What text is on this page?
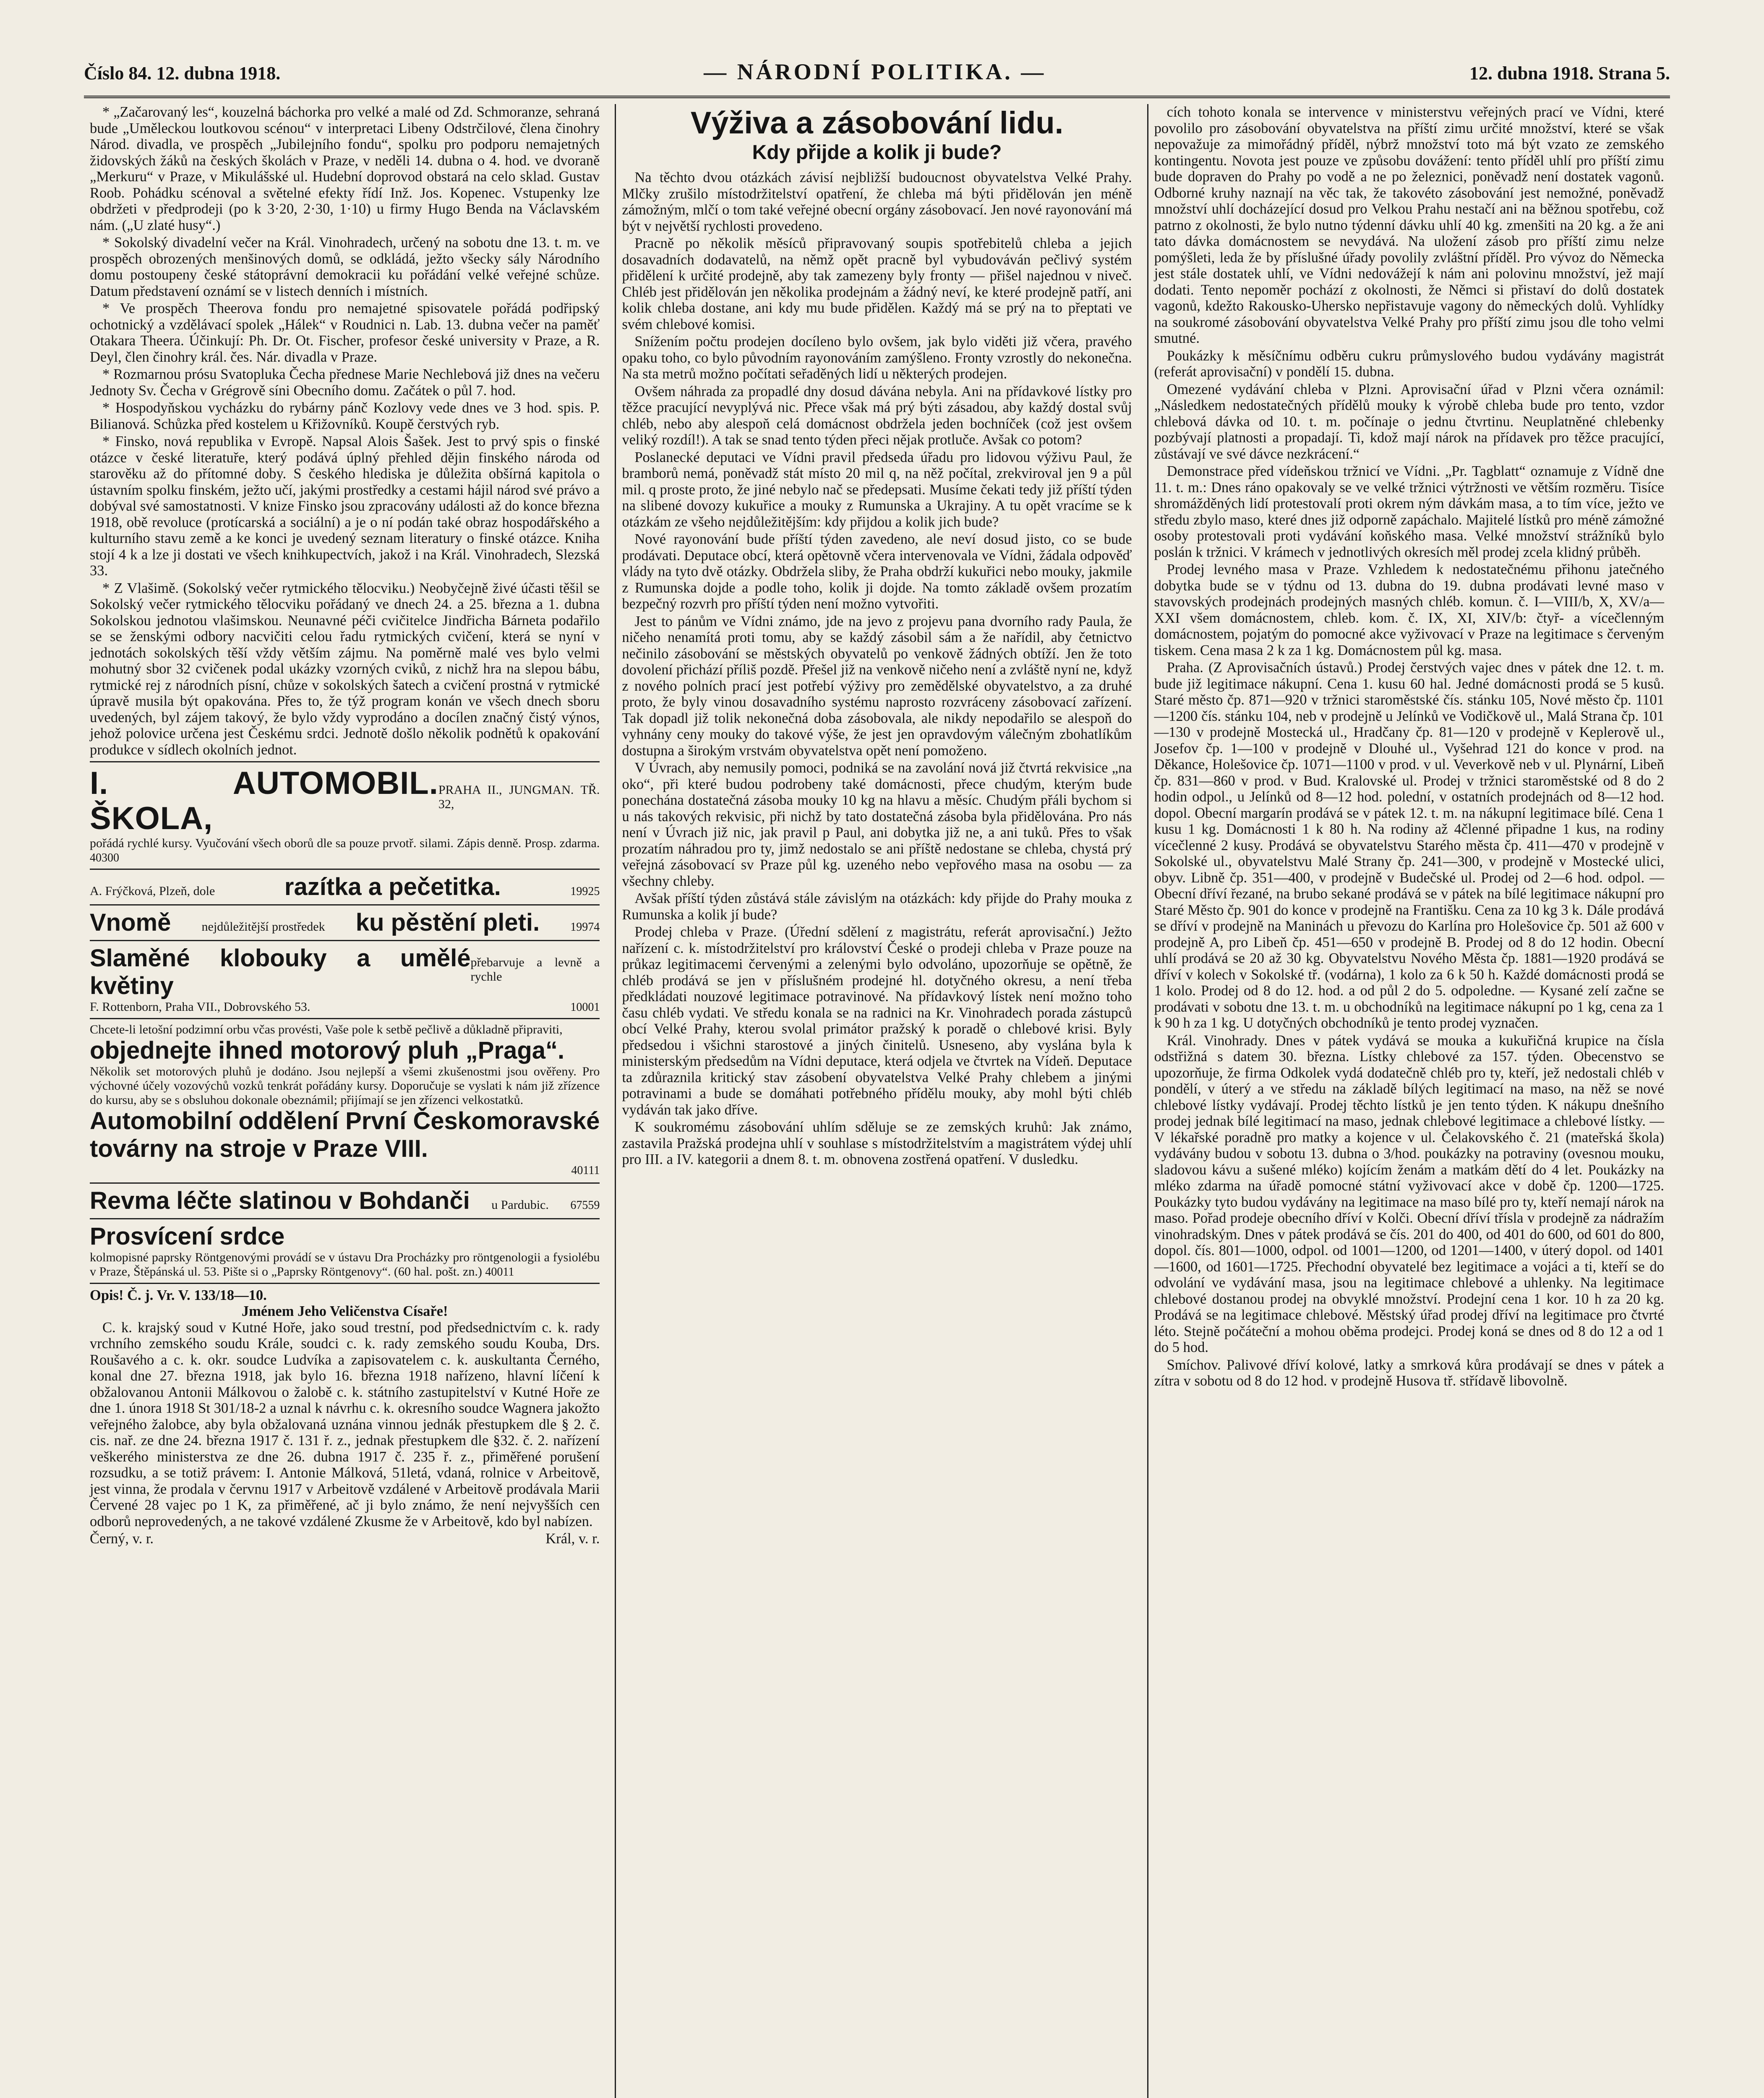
Číslo 84. 12. dubna 1918.	— NÁRODNÍ POLITIKA. —	12. dubna 1918. Strana 5.

* „Začarovaný les“, kouzelná báchorka pro velké a malé od Zd. Schmoranze, sehraná bude „Uměleckou loutkovou scénou“ v interpretaci Libeny Odstrčilové, člena činohry Národ. divadla, ve prospěch „Jubilejního fondu“, spolku pro podporu nemajetných židovských žáků na českých školách v Praze, v neděli 14. dubna o 4. hod. ve dvoraně „Merkuru“ v Praze, v Mikulášské ul. Hudební doprovod obstará na celo sklad. Gustav Roob. Pohádku scénoval a světelné efekty řídí Inž. Jos. Kopenec. Vstupenky lze obdržeti v předprodeji (po k 3·20, 2·30, 1·10) u firmy Hugo Benda na Václavském nám. („U zlaté husy“.)

* Sokolský divadelní večer na Král. Vinohradech, určený na sobotu dne 13. t. m. ve prospěch obrozených menšinových domů, se odkládá, ježto všecky sály Národního domu postoupeny české státoprávní demokracii ku pořádání velké veřejné schůze. Datum představení oznámí se v listech denních i místních.

* Ve prospěch Theerova fondu pro nemajetné spisovatele pořádá podřipský ochotnický a vzdělávací spolek „Hálek“ v Roudnici n. Lab. 13. dubna večer na paměť Otakara Theera. Účinkují: Ph. Dr. Ot. Fischer, profesor české university v Praze, a R. Deyl, člen činohry král. čes. Nár. divadla v Praze.

* Rozmarnou prósu Svatopluka Čecha přednese Marie Nechlebová již dnes na večeru Jednoty Sv. Čecha v Grégrově síni Obecního domu. Začátek o půl 7. hod.

* Hospodyňskou vycházku do rybárny pánč Kozlovy vede dnes ve 3 hod. spis. P. Bilianová. Schůzka před kostelem u Křižovníků. Koupě čerstvých ryb.

* Finsko, nová republika v Evropě. Napsal Alois Šašek. Jest to prvý spis o finské otázce v české literatuře, který podává úplný přehled dějin finského národa od starověku až do přítomné doby. S českého hlediska je důležita obšírná kapitola o ústavním spolku finském, ježto učí, jakými prostředky a cestami hájil národ své právo a dobýval své samostatnosti. V knize Finsko jsou zpracovány události až do konce března 1918, obě revoluce (protícarská a sociální) a je o ní podán také obraz hospodářského a kulturního stavu země a ke konci je uvedený seznam literatury o finské otázce. Kniha stojí 4 k a lze ji dostati ve všech knihkupectvích, jakož i na Král. Vinohradech, Slezská 33.

* Z Vlašimě. (Sokolský večer rytmického tělocviku.) Neobyčejně živé účasti těšil se Sokolský večer rytmického tělocviku pořádaný ve dnech 24. a 25. března a 1. dubna Sokolskou jednotou vlašimskou. Neunavné péči cvičitelce Jindřicha Bárneta podařilo se se ženskými odbory nacvičiti celou řadu rytmických cvičení, která se nyní v jednotách sokolských těší vždy větším zájmu. Na poměrně malé ves bylo velmi mohutný sbor 32 cvičenek podal ukázky vzorných cviků, z nichž hra na slepou bábu, rytmické rej z národních písní, chůze v sokolských šatech a cvičení prostná v rytmické úpravě musila být opakována. Přes to, že týž program konán ve všech dnech sboru uvedených, byl zájem takový, že bylo vždy vyprodáno a docílen značný čistý výnos, jehož polovice určena jest Českému srdci. Jednotě došlo několik podnětů k opakování produkce v sídlech okolních jednot.

I. AUTOMOBIL. ŠKOLA,
PRAHA II., JUNGMAN. TŘ. 32,
pořádá rychlé kursy. Vyučování všech oborů dle sa pouze prvotř. silami. Zápis denně. Prosp. zdarma. 40300
A. Frýčková, Plzeň, dole	razítka a pečetitka.	19925
Vnomě nejdůležitější prostředek ku pěstění pleti.	19974
Slaměné klobouky a umělé květiny
přebarvuje a levně a rychle
F. Rottenborn, Praha VII., Dobrovského 53.	10001
Chcete-li letošní podzimní orbu včas provésti, Vaše pole k setbě pečlivě a důkladně připraviti,
objednejte ihned motorový pluh „Praga“.
Několik set motorových pluhů je dodáno. Jsou nejlepší a všemi zkušenostmi jsou ověřeny. Pro výchovné účely vozovýchů vozků tenkrát pořádány kursy. Doporučuje se vyslati k nám již zřízence do kursu, aby se s obsluhou dokonale obeznámil; přijímají se jen zřízenci velkostatků.
Automobilní oddělení První Českomoravské továrny na stroje v Praze VIII.
40111
Revma léčte slatinou v Bohdanči u Pardubic. 67559
Prosvícení srdce
kolmopisné paprsky Röntgenovými provádí se v ústavu Dra Procházky pro röntgenologii a fysiolébu v Praze, Štěpánská ul. 53. Pište si o „Paprsky Röntgenovy“. (60 hal. pošt. zn.) 40011
Opis! Č. j. Vr. V. 133/18—10.
Jménem Jeho Veličenstva Císaře!

C. k. krajský soud v Kutné Hoře, jako soud trestní, pod předsednictvím c. k. rady vrchního zemského soudu Krále, soudci c. k. rady zemského soudu Kouba, Drs. Roušavého a c. k. okr. soudce Ludvíka a zapisovatelem c. k. auskultanta Černého, konal dne 27. března 1918, jak bylo 16. března 1918 nařízeno, hlavní líčení k obžalovanou Antonii Málkovou o žalobě c. k. státního zastupitelství v Kutné Hoře ze dne 1. února 1918 St 301/18-2 a uznal k návrhu c. k. okresního soudce Wagnera jakožto veřejného žalobce, aby byla obžalovaná uznána vinnou jednák přestupkem dle § 2. č. cis. nař. ze dne 24. března 1917 č. 131 ř. z., jednak přestupkem dle §32. č. 2. nařízení veškerého ministerstva ze dne 26. dubna 1917 č. 235 ř. z., přiměřené porušení rozsudku, a se totiž právem: I. Antonie Málková, 51letá, vdaná, rolnice v Arbeitově, jest vinna, že prodala v červnu 1917 v Arbeitově vzdálené v Arbeitově prodávala Marii Červené 28 vajec po 1 K, za přiměřené, ač ji bylo známo, že není nejvyšších cen odborů neprovedených, a ne takové vzdálené Zkusme že v Arbeitově, kdo byl nabízen.

Černý, v. r.	Král, v. r.
Výživa a zásobování lidu.
Kdy přijde a kolik ji bude?

Na těchto dvou otázkách závisí nejbližší budoucnost obyvatelstva Velké Prahy. Mlčky zrušilo místodržitelství opatření, že chleba má býti přidělován jen méně zámožným, mlčí o tom také veřejné obecní orgány zásobovací. Jen nové rayonování má být v největší rychlosti provedeno.

Pracně po několik měsíců připravovaný soupis spotřebitelů chleba a jejich dosavadních dodavatelů, na němž opět pracně byl vybudováván pečlivý systém přidělení k určité prodejně, aby tak zamezeny byly fronty — přišel najednou v niveč. Chléb jest přidělován jen několika prodejnám a žádný neví, ke které prodejně patří, ani kolik chleba dostane, ani kdy mu bude přidělen. Každý má se prý na to přeptati ve svém chlebové komisi.

Snížením počtu prodejen docíleno bylo ovšem, jak bylo viděti již včera, pravého opaku toho, co bylo původním rayonováním zamýšleno. Fronty vzrostly do nekonečna. Na sta metrů možno počítati seřaděných lidí u některých prodejen.

Ovšem náhrada za propadlé dny dosud dávána nebyla. Ani na přídavkové lístky pro těžce pracující nevyplývá nic. Přece však má prý býti zásadou, aby každý dostal svůj chléb, nebo aby alespoň celá domácnost obdržela jeden bochníček (což jest ovšem veliký rozdíl!). A tak se snad tento týden přeci nějak protluče. Avšak co potom?

Poslanecké deputaci ve Vídni pravil předseda úřadu pro lidovou výživu Paul, že bramborů nemá, poněvadž stát místo 20 mil q, na něž počítal, zrekviroval jen 9 a půl mil. q proste proto, že jiné nebylo nač se předepsati. Musíme čekati tedy již příští týden na slibené dovozy kukuřice a mouky z Rumunska a Ukrajiny. A tu opět vracíme se k otázkám ze všeho nejdůležitějším: kdy přijdou a kolik jich bude?

Nové rayonování bude příští týden zavedeno, ale neví dosud jisto, co se bude prodávati. Deputace obcí, která opětovně včera intervenovala ve Vídni, žádala odpověď vlády na tyto dvě otázky. Obdržela sliby, že Praha obdrží kukuřici nebo mouky, jakmile z Rumunska dojde a podle toho, kolik ji dojde. Na tomto základě ovšem prozatím bezpečný rozvrh pro příští týden není možno vytvořiti.

Jest to pánům ve Vídni známo, jde na jevo z projevu pana dvorního rady Paula, že ničeho nenamítá proti tomu, aby se každý zásobil sám a že nařídil, aby četnictvo nečinilo zásobování se městských obyvatelů po venkově žádných obtíží. Jen že toto dovolení přichází příliš pozdě. Přešel již na venkově ničeho není a zvláště nyní ne, když z nového polních prací jest potřebí výživy pro zemědělské obyvatelstvo, a za druhé proto, že byly vinou dosavadního systému naprosto rozvráceny zásobovací zařízení. Tak dopadl již tolik nekonečná doba zásobovala, ale nikdy nepodařilo se alespoň do vyhnány ceny mouky do takové výše, že jest jen opravdovým válečným zbohatlíkům dostupna a širokým vrstvám obyvatelstva opět není pomoženo.

V Úvrach, aby nemusily pomoci, podniká se na zavolání nová již čtvrtá rekvisice „na oko“, při které budou podrobeny také domácnosti, přece chudým, kterým bude ponechána dostatečná zásoba mouky 10 kg na hlavu a měsíc. Chudým přáli bychom si u nás takových rekvisic, při nichž by tato dostatečná zásoba byla přidělována. Pro nás není v Úvrach již nic, jak pravil p Paul, ani dobytka již ne, a ani tuků. Přes to však prozatím náhradou pro ty, jimž nedostalo se ani příště nedostane se chleba, chystá prý veřejná zásobovací sv Praze půl kg. uzeného nebo vepřového masa na osobu — za všechny chleby.

Avšak příští týden zůstává stále závislým na otázkách: kdy přijde do Prahy mouka z Rumunska a kolik jí bude?

Prodej chleba v Praze. (Úřední sdělení z magistrátu, referát aprovisační.) Ježto nařízení c. k. místodržitelství pro království České o prodeji chleba v Praze pouze na průkaz legitimacemi červenými a zelenými bylo odvoláno, upozorňuje se opětně, že chléb prodává se jen v příslušném prodejné hl. dotyčného okresu, a není třeba předkládati nouzové legitimace potravinové. Na přídavkový lístek není možno toho času chléb vydati. Ve středu konala se na radnici na Kr. Vinohradech porada zástupců obcí Velké Prahy, kterou svolal primátor pražský k poradě o chlebové krisi. Byly předsedou i všichni starostové a jiných činitelů. Usneseno, aby vyslána byla k ministerským předsedům na Vídni deputace, která odjela ve čtvrtek na Vídeň. Deputace ta zdůraznila kritický stav zásobení obyvatelstva Velké Prahy chlebem a jinými potravinami a bude se domáhati potřebného přídělu mouky, aby mohl býti chléb vydáván tak jako dříve.

K soukromému zásobování uhlím sděluje se ze zemských kruhů: Jak známo, zastavila Pražská prodejna uhlí v souhlase s místodržitelstvím a magistrátem výdej uhlí pro III. a IV. kategorii a dnem 8. t. m. obnovena zostřená opatření. V dusledku.

cích tohoto konala se intervence v ministerstvu veřejných prací ve Vídni, které povolilo pro zásobování obyvatelstva na příští zimu určité množství, které se však nepovažuje za mimořádný příděl, nýbrž množství toto má být vzato ze zemského kontingentu. Novota jest pouze ve způsobu dovážení: tento příděl uhlí pro příští zimu bude dopraven do Prahy po vodě a ne po železnici, poněvadž není dostatek vagonů. Odborné kruhy naznají na věc tak, že takovéto zásobování jest nemožné, poněvadž množství uhlí docházející dosud pro Velkou Prahu nestačí ani na běžnou spotřebu, což patrno z okolnosti, že bylo nutno týdenní dávku uhlí 40 kg. zmenšiti na 20 kg. a že ani tato dávka domácnostem se nevydává. Na uložení zásob pro příští zimu nelze pomýšleti, leda že by příslušné úřady povolily zvláštní příděl. Pro vývoz do Německa jest stále dostatek uhlí, ve Vídni nedovážejí k nám ani polovinu množství, jež mají dodati. Tento nepoměr pochází z okolnosti, že Němci si přistaví do dolů dostatek vagonů, kdežto Rakousko-Uhersko nepřistavuje vagony do německých dolů. Vyhlídky na soukromé zásobování obyvatelstva Velké Prahy pro příští zimu jsou dle toho velmi smutné.

Poukázky k měsíčnímu odběru cukru průmyslového budou vydávány magistrát (referát aprovisační) v pondělí 15. dubna.

Omezené vydávání chleba v Plzni. Aprovisační úřad v Plzni včera oznámil: „Následkem nedostatečných přídělů mouky k výrobě chleba bude pro tento, vzdor chlebová dávka od 10. t. m. počínaje o jednu čtvrtinu. Neuplatněné chlebenky pozbývají platnosti a propadají. Ti, kdož mají nárok na přídavek pro těžce pracující, zůstávají ve své dávce nezkrácení.“

Demonstrace před vídeňskou tržnicí ve Vídni. „Pr. Tagblatt“ oznamuje z Vídně dne 11. t. m.: Dnes ráno opakovaly se ve velké tržnici výtržnosti ve větším rozměru. Tisíce shromážděných lidí protestovalí proti okrem ným dávkám masa, a to tím více, ježto ve středu zbylo maso, které dnes již odporně zapáchalo. Majitelé lístků pro méně zámožné osoby protestovali proti vydávání koňského masa. Velké množství strážníků bylo poslán k tržnici. V krámech v jednotlivých okresích měl prodej zcela klidný průběh.

Prodej levného masa v Praze. Vzhledem k nedostatečnému přihonu jatečného dobytka bude se v týdnu od 13. dubna do 19. dubna prodávati levné maso v stavovských prodejnách prodejných masných chléb. komun. č. I—VIII/b, X, XV/a—XXI všem domácnostem, chleb. kom. č. IX, XI, XIV/b: čtyř- a vícečlenným domácnostem, pojatým do pomocné akce vyživovací v Praze na legitimace s červeným tiskem. Cena masa 2 k za 1 kg. Domácnostem půl kg. masa.

Praha. (Z Aprovisačních ústavů.) Prodej čerstvých vajec dnes v pátek dne 12. t. m. bude již legitimace nákupní. Cena 1. kusu 60 hal. Jedné domácnosti prodá se 5 kusů. Staré město čp. 871—920 v tržnici staroměstské čís. stánku 105, Nové město čp. 1101—1200 čís. stánku 104, neb v prodejně u Jelínků ve Vodičkově ul., Malá Strana čp. 101—130 v prodejně Mostecká ul., Hradčany čp. 81—120 v prodejně v Keplerově ul., Josefov čp. 1—100 v prodejně v Dlouhé ul., Vyšehrad 121 do konce v prod. na Děkance, Holešovice čp. 1071—1100 v prod. v ul. Veverkově neb v ul. Plynární, Libeň čp. 831—860 v prod. v Bud. Kralovské ul. Prodej v tržnici staroměstské od 8 do 2 hodin odpol., u Jelínků od 8—12 hod. polední, v ostatních prodejnách od 8—12 hod. dopol. Obecní margarín prodává se v pátek 12. t. m. na nákupní legitimace bílé. Cena 1 kusu 1 kg. Domácnosti 1 k 80 h. Na rodiny až 4členné připadne 1 kus, na rodiny vícečlenné 2 kusy. Prodává se obyvatelstvu Starého města čp. 411—470 v prodejně v Sokolské ul., obyvatelstvu Malé Strany čp. 241—300, v prodejně v Mostecké ulici, obyv. Libně čp. 351—400, v prodejně v Budečské ul. Prodej od 2—6 hod. odpol. — Obecní dříví řezané, na brubo sekané prodává se v pátek na bílé legitimace nákupní pro Staré Město čp. 901 do konce v prodejně na Františku. Cena za 10 kg 3 k. Dále prodává se dříví v prodejně na Maninách u převozu do Karlína pro Holešovice čp. 501 až 600 v prodejně A, pro Libeň čp. 451—650 v prodejně B. Prodej od 8 do 12 hodin. Obecní uhlí prodává se 20 až 30 kg. Obyvatelstvu Nového Města čp. 1881—1920 prodává se dříví v kolech v Sokolské tř. (vodárna), 1 kolo za 6 k 50 h. Každé domácnosti prodá se 1 kolo. Prodej od 8 do 12. hod. a od půl 2 do 5. odpoledne. — Kysané zelí začne se prodávati v sobotu dne 13. t. m. u obchodníků na legitimace nákupní po 1 kg, cena za 1 k 90 h za 1 kg. U dotyčných obchodníků je tento prodej vyznačen.

Král. Vinohrady. Dnes v pátek vydává se mouka a kukuřičná krupice na čísla odstřižná s datem 30. března. Lístky chlebové za 157. týden. Obecenstvo se upozorňuje, že firma Odkolek vydá dodatečně chléb pro ty, kteří, jež nedostali chléb v pondělí, v úterý a ve středu na základě bílých legitimací na maso, na něž se nové chlebové lístky vydávají. Prodej těchto lístků je jen tento týden. K nákupu dnešního prodej jednak bílé legitimací na maso, jednak chlebové legitimace a chlebové lístky. — V lékařské poradně pro matky a kojence v ul. Čelakovského č. 21 (mateřská škola) vydávány budou v sobotu 13. dubna o 3/hod. poukázky na potraviny (ovesnou mouku, sladovou kávu a sušené mléko) kojícím ženám a matkám dětí do 4 let. Poukázky na mléko zdarma na úřadě pomocné státní vyživovací akce v době čp. 1200—1725. Poukázky tyto budou vydávány na legitimace na maso bílé pro ty, kteří nemají nárok na maso. Pořad prodeje obecního dříví v Kolči. Obecní dříví třísla v prodejně za nádražím vinohradským. Dnes v pátek prodává se čís. 201 do 400, od 401 do 600, od 601 do 800, dopol. čís. 801—1000, odpol. od 1001—1200, od 1201—1400, v úterý dopol. od 1401—1600, od 1601—1725. Přechodní obyvatelé bez legitimace a vojáci a ti, kteří se do odvolání ve vydávání masa, jsou na legitimace chlebové a uhlenky. Na legitimace chlebové dostanou prodej na obvyklé množství. Prodejní cena 1 kor. 10 h za 20 kg. Prodává se na legitimace chlebové. Městský úřad prodej dříví na legitimace pro čtvrté léto. Stejně počáteční a mohou oběma prodejci. Prodej koná se dnes od 8 do 12 a od 1 do 5 hod.

Smíchov. Palivové dříví kolové, latky a smrková kůra prodávají se dnes v pátek a zítra v sobotu od 8 do 12 hod. v prodejně Husova tř. střídavě libovolně.
